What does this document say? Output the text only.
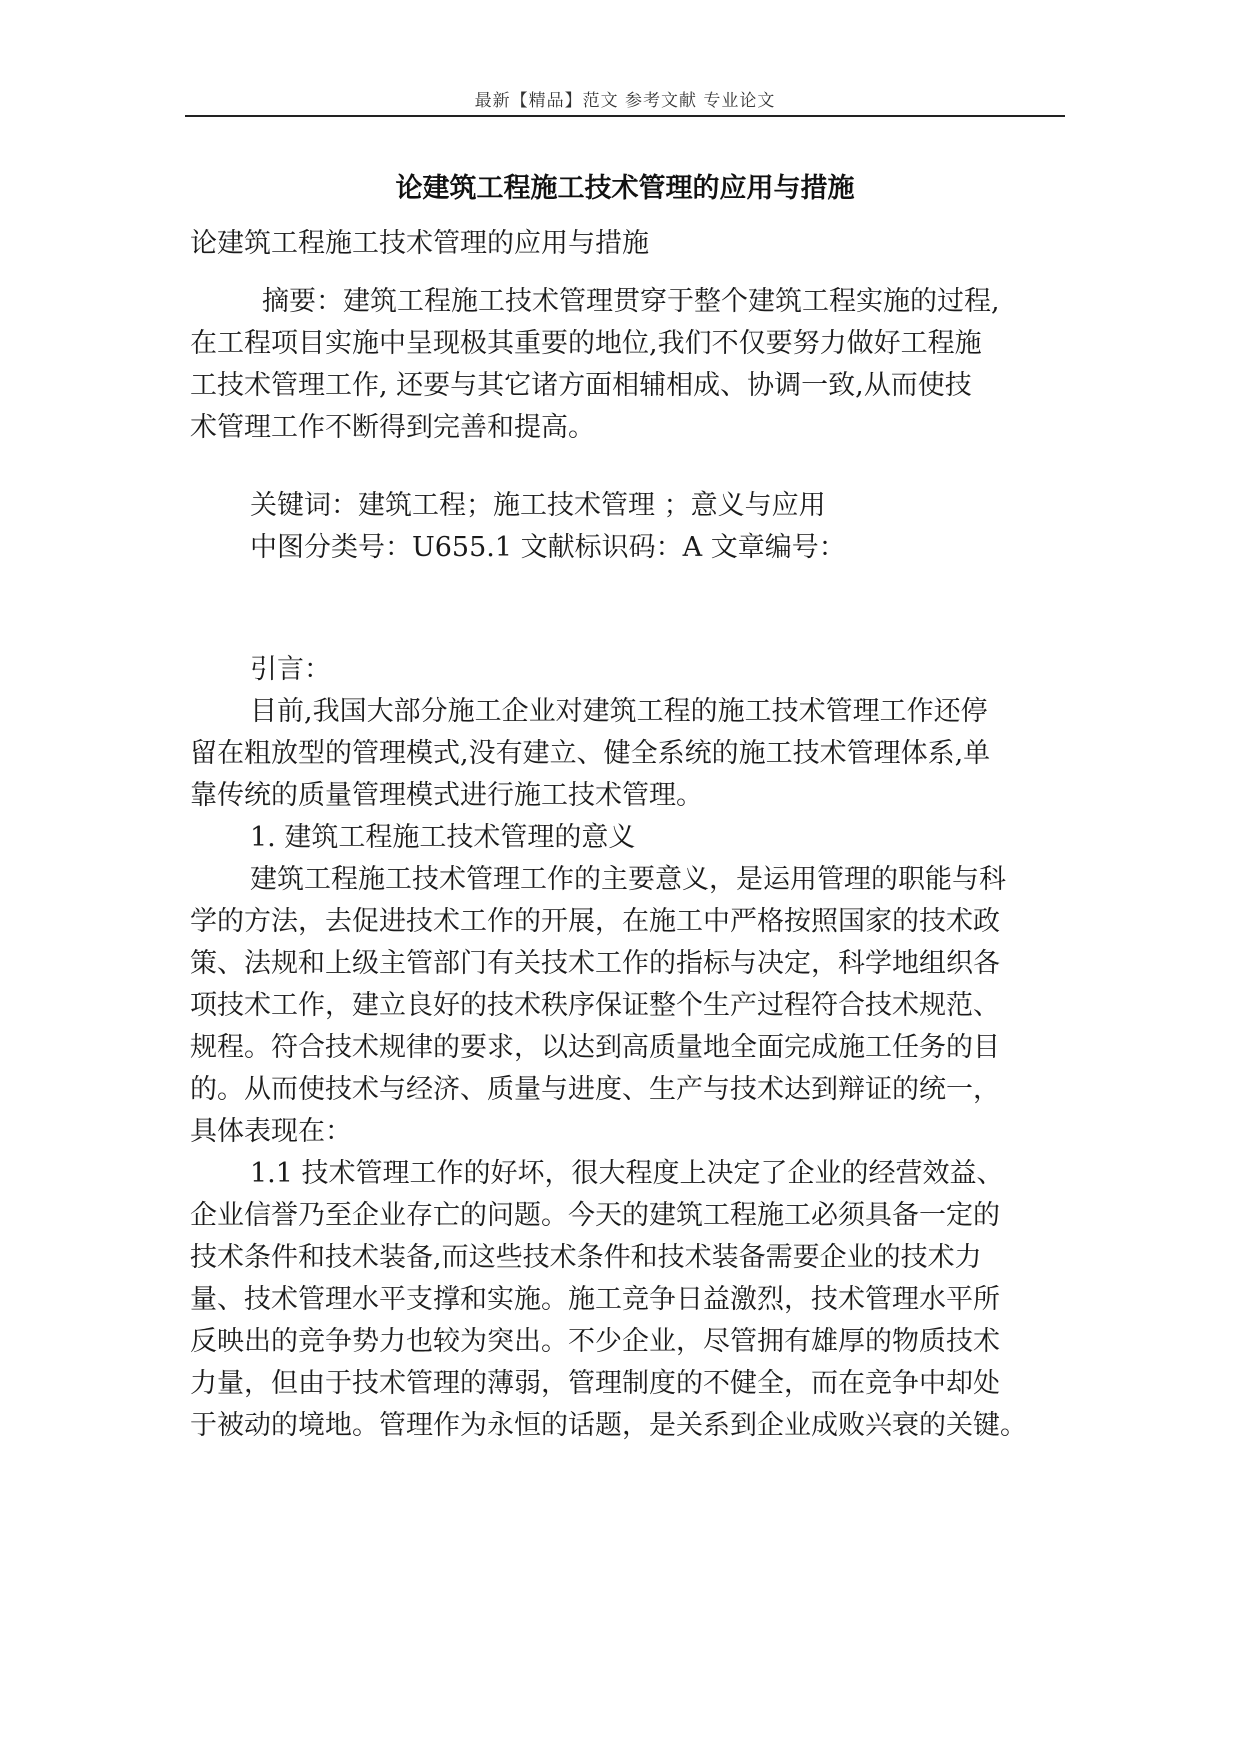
最新【精品】范文 参考文献 专业论文
论建筑工程施工技术管理的应用与措施
论建筑工程施工技术管理的应用与措施
摘要：建筑工程施工技术管理贯穿于整个建筑工程实施的过程,
在工程项目实施中呈现极其重要的地位,我们不仅要努力做好工程施
工技术管理工作, 还要与其它诸方面相辅相成、协调一致,从而使技
术管理工作不断得到完善和提高。
关键词：建筑工程；施工技术管理 ；意义与应用
中图分类号：U655.1 文献标识码：A 文章编号：
引言：
目前,我国大部分施工企业对建筑工程的施工技术管理工作还停
留在粗放型的管理模式,没有建立、健全系统的施工技术管理体系,单
靠传统的质量管理模式进行施工技术管理。
1. 建筑工程施工技术管理的意义
建筑工程施工技术管理工作的主要意义，是运用管理的职能与科
学的方法，去促进技术工作的开展，在施工中严格按照国家的技术政
策、法规和上级主管部门有关技术工作的指标与决定，科学地组织各
项技术工作，建立良好的技术秩序保证整个生产过程符合技术规范、
规程。符合技术规律的要求，以达到高质量地全面完成施工任务的目
的。从而使技术与经济、质量与进度、生产与技术达到辩证的统一，
具体表现在：
1.1 技术管理工作的好坏，很大程度上决定了企业的经营效益、
企业信誉乃至企业存亡的问题。今天的建筑工程施工必须具备一定的
技术条件和技术装备,而这些技术条件和技术装备需要企业的技术力
量、技术管理水平支撑和实施。施工竞争日益激烈，技术管理水平所
反映出的竞争势力也较为突出。不少企业，尽管拥有雄厚的物质技术
力量，但由于技术管理的薄弱，管理制度的不健全，而在竞争中却处
于被动的境地。管理作为永恒的话题，是关系到企业成败兴衰的关键。
